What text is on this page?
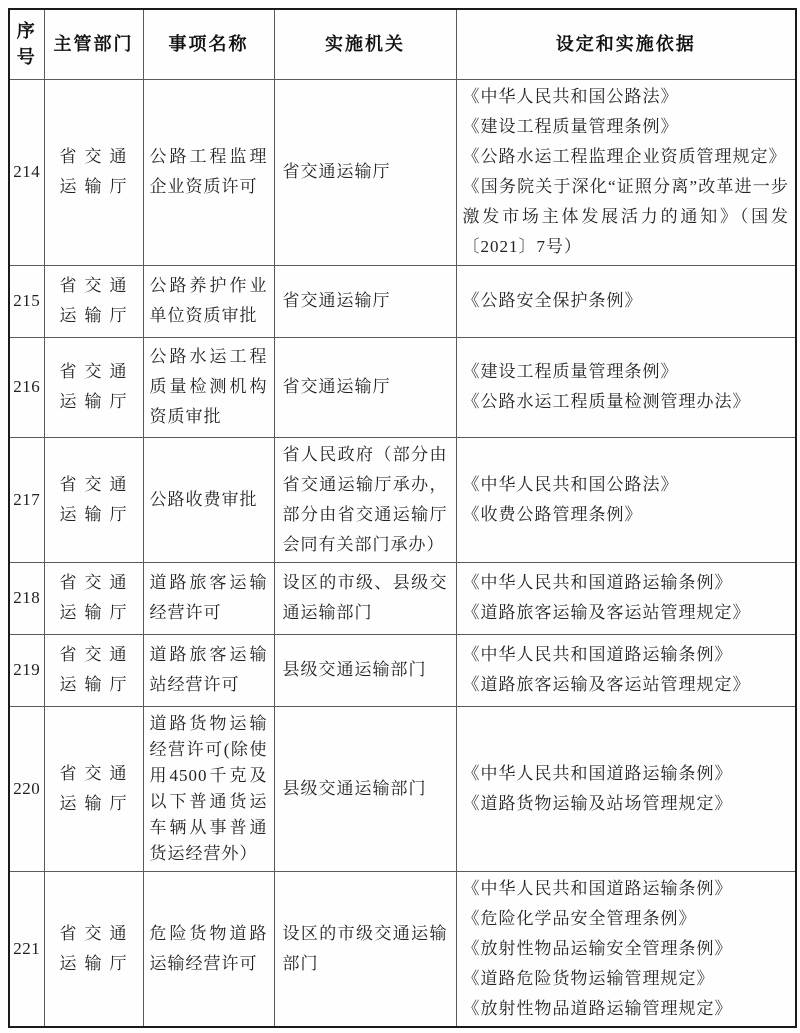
序号	主管部门	事项名称	实施机关	设定和实施依据
214	省交通运输厅	公路工程监理企业资质许可	省交通运输厅	《中华人民共和国公路法》
《建设工程质量管理条例》
《公路水运工程监理企业资质管理规定》
《国务院关于深化“证照分离”改革进一步激发市场主体发展活力的通知》（国发〔2021〕7号）

215	省交通运输厅	公路养护作业单位资质审批	省交通运输厅	《公路安全保护条例》

216	省交通运输厅	公路水运工程质量检测机构资质审批	省交通运输厅	《建设工程质量管理条例》
《公路水运工程质量检测管理办法》

217	省交通运输厅	公路收费审批	省人民政府（部分由省交通运输厅承办，部分由省交通运输厅会同有关部门承办）	《中华人民共和国公路法》
《收费公路管理条例》

218	省交通运输厅	道路旅客运输经营许可	设区的市级、县级交通运输部门	《中华人民共和国道路运输条例》
《道路旅客运输及客运站管理规定》

219	省交通运输厅	道路旅客运输站经营许可	县级交通运输部门	《中华人民共和国道路运输条例》
《道路旅客运输及客运站管理规定》

220	省交通运输厅	道路货物运输经营许可(除使用4500千克及以下普通货运车辆从事普通货运经营外）	县级交通运输部门	《中华人民共和国道路运输条例》
《道路货物运输及站场管理规定》

221	省交通运输厅	危险货物道路运输经营许可	设区的市级交通运输部门	《中华人民共和国道路运输条例》
《危险化学品安全管理条例》
《放射性物品运输安全管理条例》
《道路危险货物运输管理规定》
《放射性物品道路运输管理规定》
